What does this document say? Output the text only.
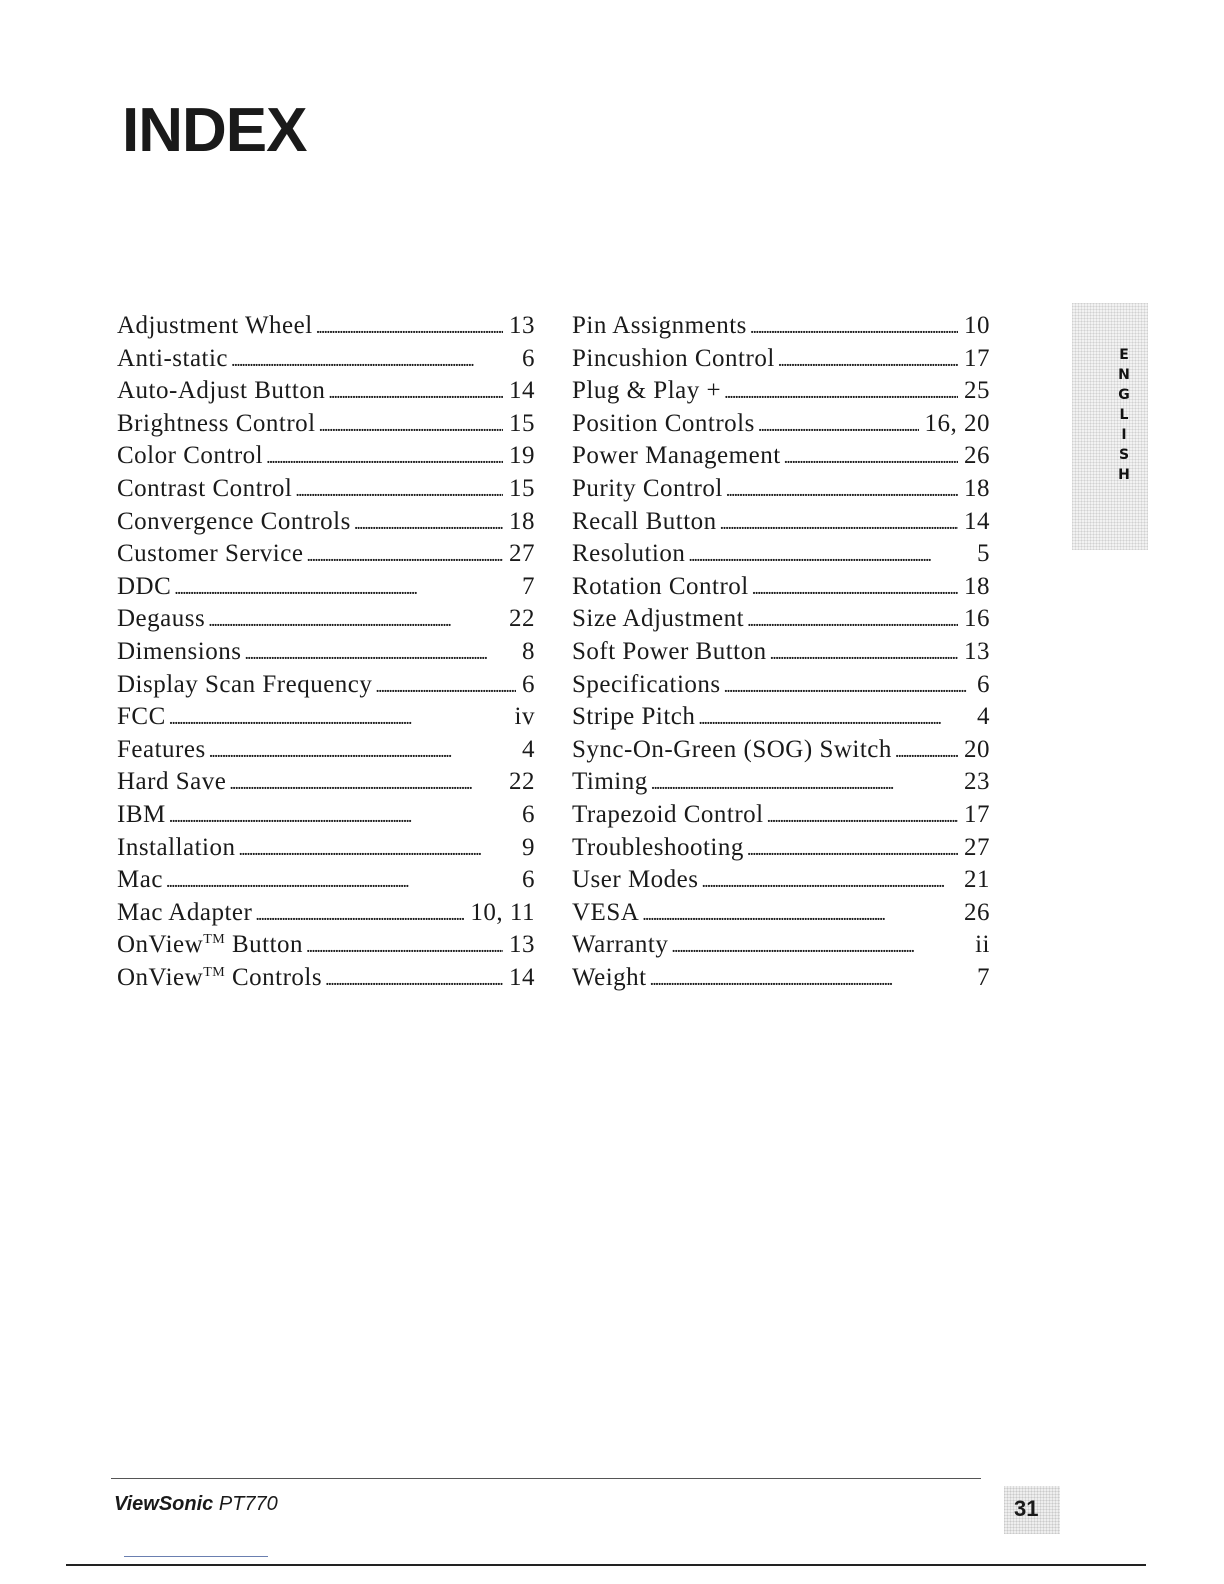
INDEX
Adjustment Wheel . . .	13
Anti-static . . .	6
Auto-Adjust Button . . .	14
Brightness Control . . .	15
Color Control . . .	19
Contrast Control . . .	15
Convergence Controls . . .	18
Customer Service . . .	27
DDC . . .	7
Degauss . . .	22
Dimensions . . .	8
Display Scan Frequency . . .	6
FCC . . .	iv
Features . . .	4
Hard Save . . .	22
IBM . . .	6
Installation . . .	9
Mac . . .	6
Mac Adapter . . .	10, 11
OnView™ Button . . .	13
OnView™ Controls . . .	14
Pin Assignments . . .	10
Pincushion Control . . .	17
Plug & Play + . . .	25
Position Controls . . .	16, 20
Power Management . . .	26
Purity Control . . .	18
Recall Button . . .	14
Resolution . . .	5
Rotation Control . . .	18
Size Adjustment . . .	16
Soft Power Button . . .	13
Specifications . . .	6
Stripe Pitch . . .	4
Sync-On-Green (SOG) Switch . . .	20
Timing . . .	23
Trapezoid Control . . .	17
Troubleshooting . . .	27
User Modes . . .	21
VESA . . .	26
Warranty . . .	ii
Weight . . .	7
E
N
G
L
I
S
H
ViewSonic PT770	31
